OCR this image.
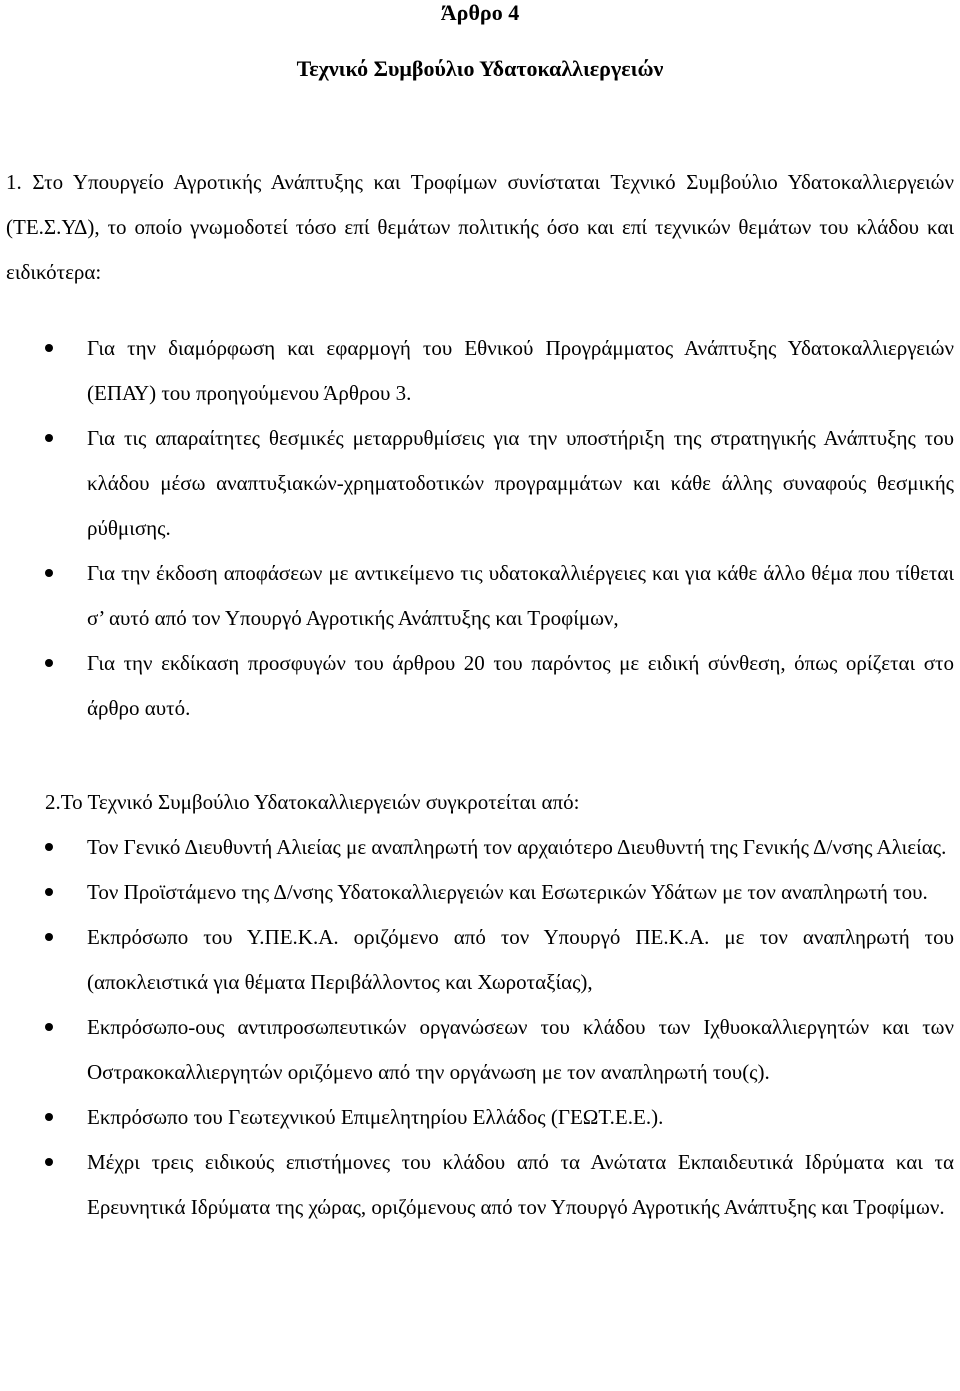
Άρθρο 4
Τεχνικό Συμβούλιο Υδατοκαλλιεργειών

1. Στο Υπουργείο Αγροτικής Ανάπτυξης και Τροφίμων συνίσταται Τεχνικό Συμβούλιο Υδατοκαλλιεργειών (ΤΕ.Σ.ΥΔ), το οποίο γνωμοδοτεί τόσο επί θεμάτων πολιτικής όσο και επί τεχνικών θεμάτων του κλάδου και ειδικότερα:

Για την διαμόρφωση και εφαρμογή του Εθνικού Προγράμματος Ανάπτυξης Υδατοκαλλιεργειών (ΕΠΑΥ) του προηγούμενου Άρθρου 3.
Για τις απαραίτητες θεσμικές μεταρρυθμίσεις για την υποστήριξη της στρατηγικής Ανάπτυξης του κλάδου μέσω αναπτυξιακών-χρηματοδοτικών προγραμμάτων και κάθε άλλης συναφούς θεσμικής ρύθμισης.
Για την έκδοση αποφάσεων με αντικείμενο τις υδατοκαλλιέργειες και για κάθε άλλο θέμα που τίθεται σ’ αυτό από τον Υπουργό Αγροτικής Ανάπτυξης και Τροφίμων,
Για την εκδίκαση προσφυγών του άρθρου 20 του παρόντος με ειδική σύνθεση, όπως ορίζεται στο άρθρο αυτό.

2.Το Τεχνικό Συμβούλιο Υδατοκαλλιεργειών συγκροτείται από:

Τον Γενικό Διευθυντή Αλιείας με αναπληρωτή τον αρχαιότερο Διευθυντή της Γενικής Δ/νσης Αλιείας.
Τον Προϊστάμενο της Δ/νσης Υδατοκαλλιεργειών και Εσωτερικών Υδάτων με τον αναπληρωτή του.
Εκπρόσωπο του Υ.ΠΕ.Κ.Α. οριζόμενο από τον Υπουργό ΠΕ.Κ.Α. με τον αναπληρωτή του (αποκλειστικά για θέματα Περιβάλλοντος και Χωροταξίας),
Εκπρόσωπο-ους αντιπροσωπευτικών οργανώσεων του κλάδου των Ιχθυοκαλλιεργητών και των Οστρακοκαλλιεργητών οριζόμενο από την οργάνωση με τον αναπληρωτή του(ς).
Εκπρόσωπο του Γεωτεχνικού Επιμελητηρίου Ελλάδος (ΓΕΩΤ.Ε.Ε.).
Μέχρι τρεις ειδικούς επιστήμονες του κλάδου από τα Ανώτατα Εκπαιδευτικά Ιδρύματα και τα Ερευνητικά Ιδρύματα της χώρας, οριζόμενους από τον Υπουργό Αγροτικής Ανάπτυξης και Τροφίμων.
